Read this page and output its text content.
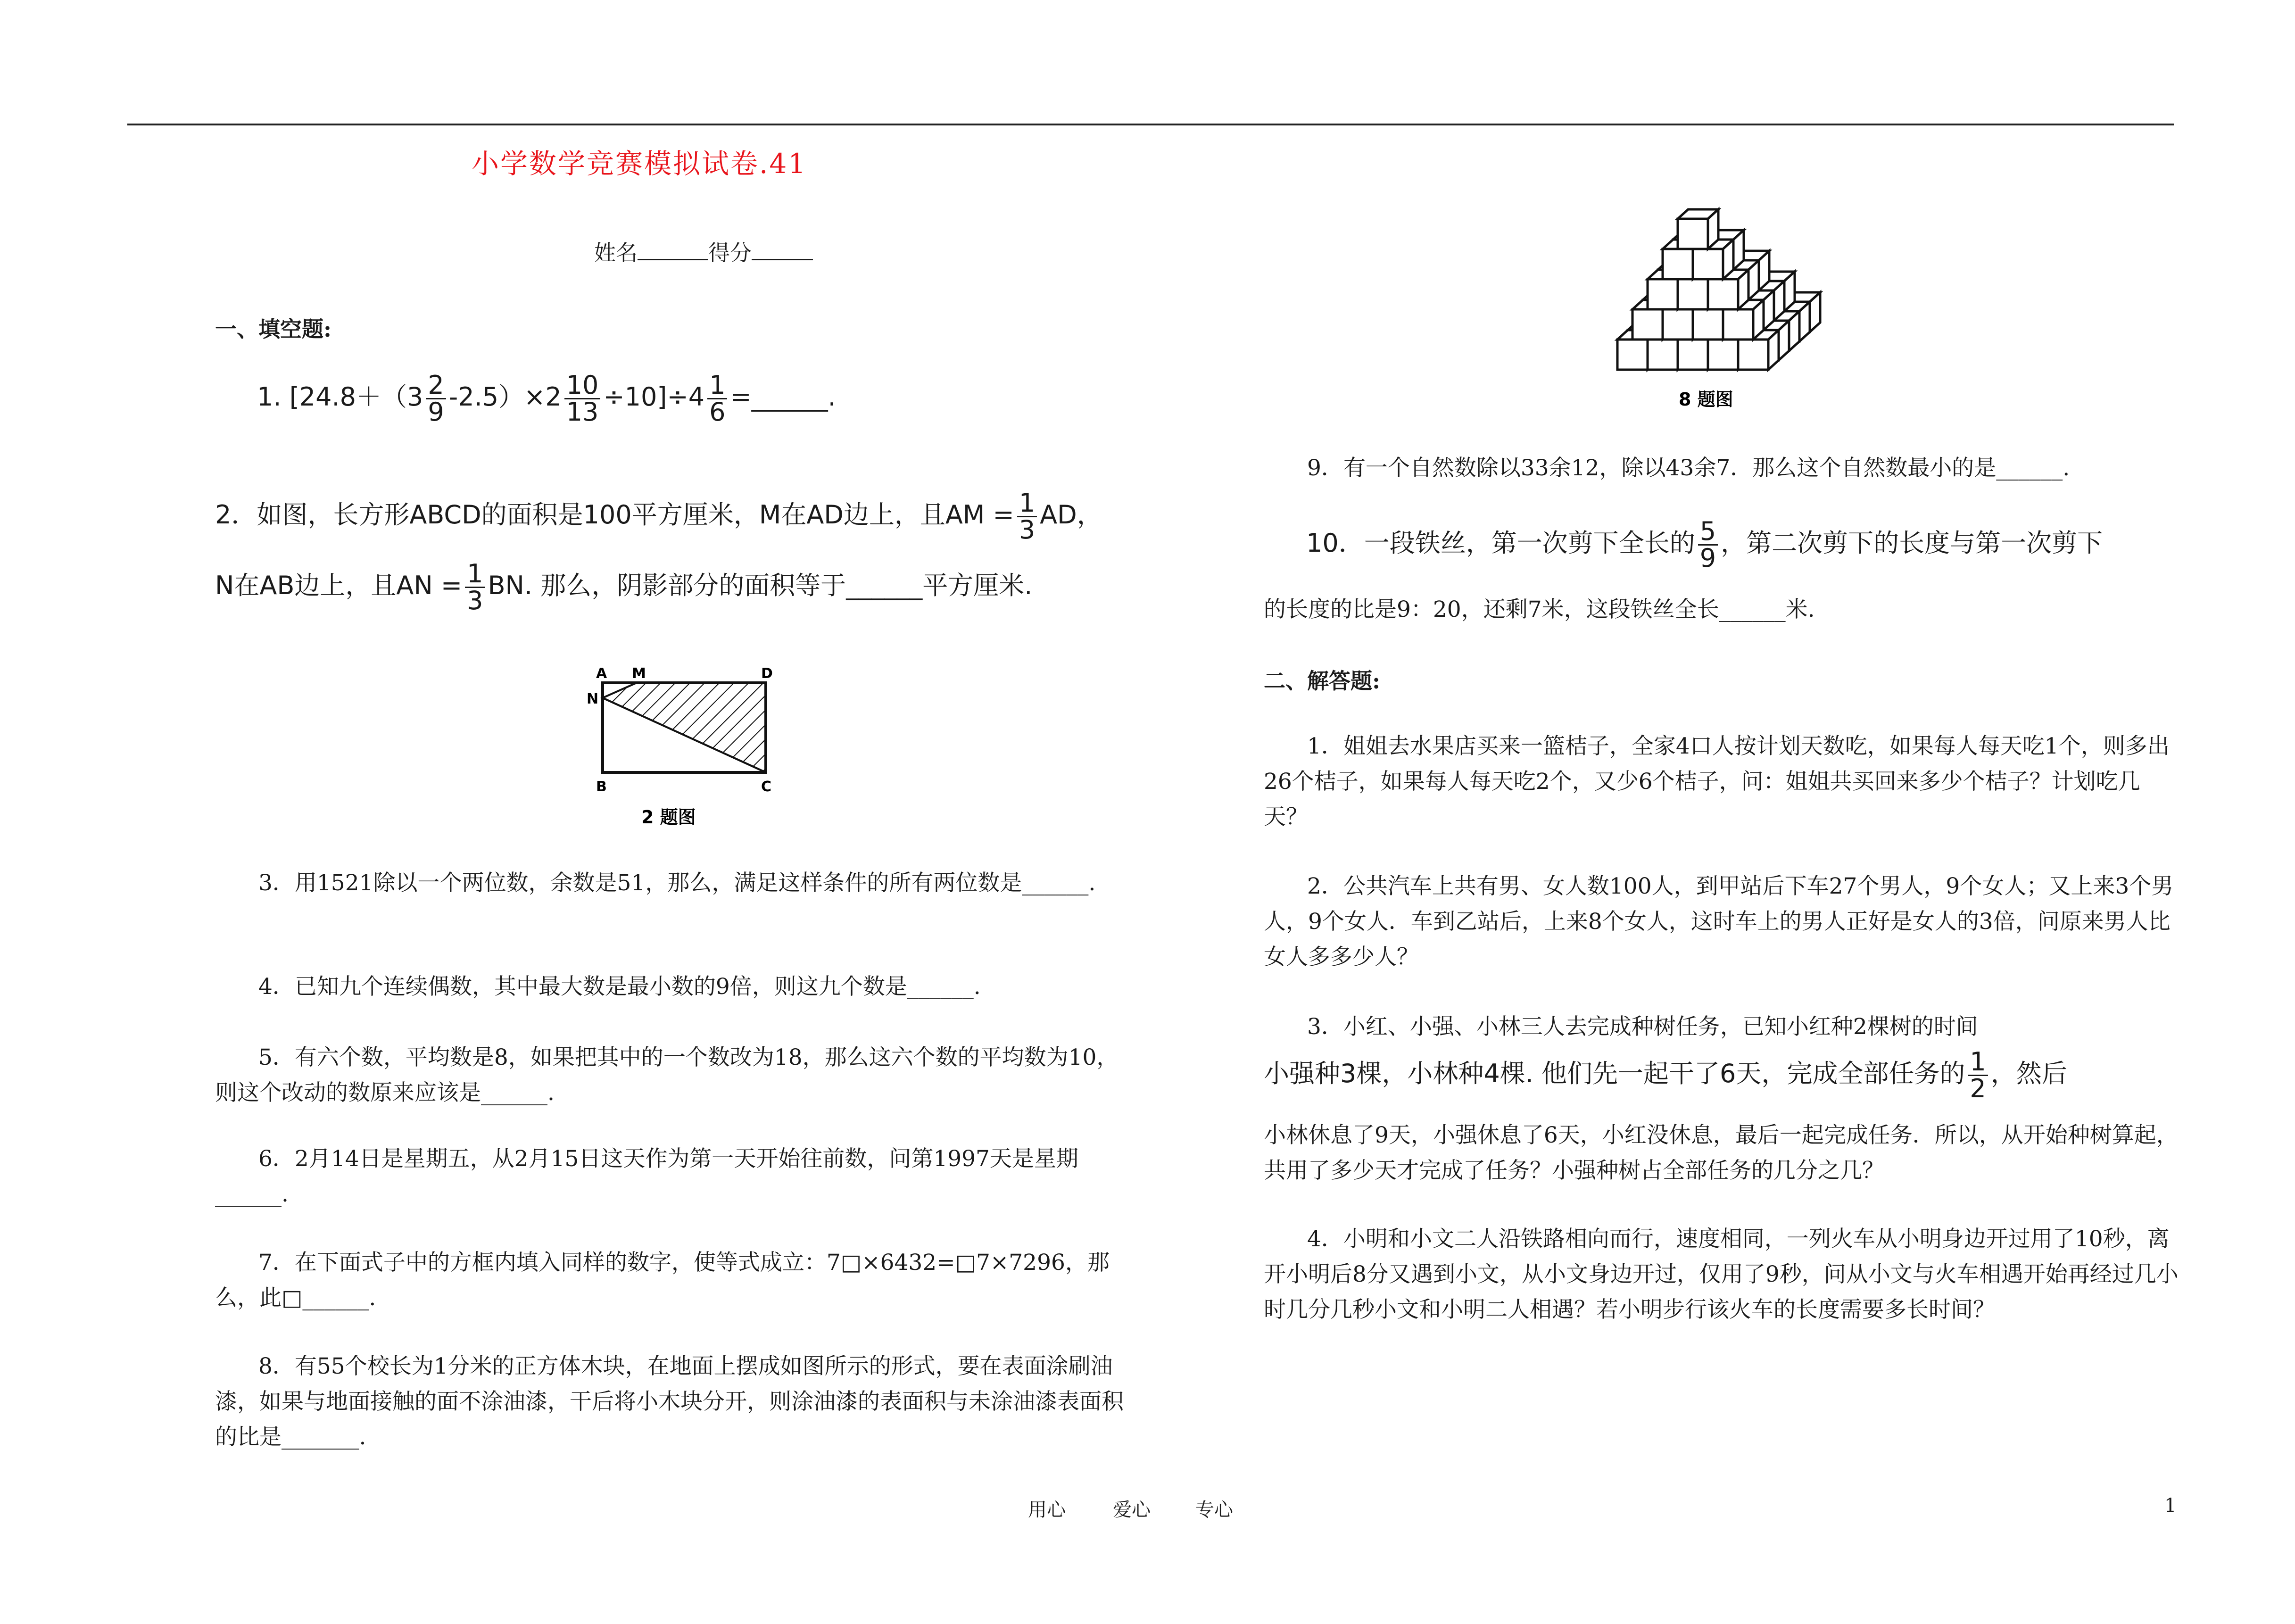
小学数学竞赛模拟试卷.41
姓名	得分
一、填空题:
1. $[24.8+(3 \frac{2}{9} -2.5)\times 2 \frac{10}{13} \div 10]\div 4 \frac{1}{6}$ =______.
2．如图，长方形ABCD的面积是100平方厘米，M在AD边上，且AM = $\frac{1}{3}$ AD，
N在AB边上，且AN = $\frac{1}{3}$ BN. 那么，阴影部分的面积等于______平方厘米.
A M	D
N
B	C
2 题图
3．用1521除以一个两位数，余数是51，那么，满足这样条件的所有两位数是______.
4．已知九个连续偶数，其中最大数是最小数的9倍，则这九个数是______.
5．有六个数，平均数是8，如果把其中的一个数改为18，那么这六个数的平均数为10，则这个改动的数原来应该是______.
6．2月14日是星期五，从2月15日这天作为第一天开始往前数，问第1997天是星期______.
7．在下面式子中的方框内填入同样的数字，使等式成立：7□×6432=□7×7296，那么，此□______.
8．有55个校长为1分米的正方体木块，在地面上摆成如图所示的形式，要在表面涂刷油漆，如果与地面接触的面不涂油漆，干后将小木块分开，则涂油漆的表面积与未涂油漆表面积的比是_______.
8 题图
9．有一个自然数除以33余12，除以43余7．那么这个自然数最小的是______.
10．一段铁丝，第一次剪下全长的 $\frac{5}{9}$ ，第二次剪下的长度与第一次剪下
的长度的比是9：20，还剩7米，这段铁丝全长______米.
二、解答题:
1．姐姐去水果店买来一篮桔子，全家4口人按计划天数吃，如果每人每天吃1个，则多出26个桔子，如果每人每天吃2个，又少6个桔子，问：姐姐共买回来多少个桔子？计划吃几天？
2．公共汽车上共有男、女人数100人，到甲站后下车27个男人，9个女人；又上来3个男人，9个女人．车到乙站后，上来8个女人，这时车上的男人正好是女人的3倍，问原来男人比女人多多少人？
3．小红、小强、小林三人去完成种树任务，已知小红种2棵树的时间
小强种3棵，小林种4棵. 他们先一起干了6天，完成全部任务的 $\frac{1}{2}$ ，然后
小林休息了9天，小强休息了6天，小红没休息，最后一起完成任务．所以，从开始种树算起，共用了多少天才完成了任务？小强种树占全部任务的几分之几？
4．小明和小文二人沿铁路相向而行，速度相同，一列火车从小明身边开过用了10秒，离开小明后8分又遇到小文，从小文身边开过，仅用了9秒，问从小文与火车相遇开始再经过几小时几分几秒小文和小明二人相遇？若小明步行该火车的长度需要多长时间？
用心	爱心 专心	1
